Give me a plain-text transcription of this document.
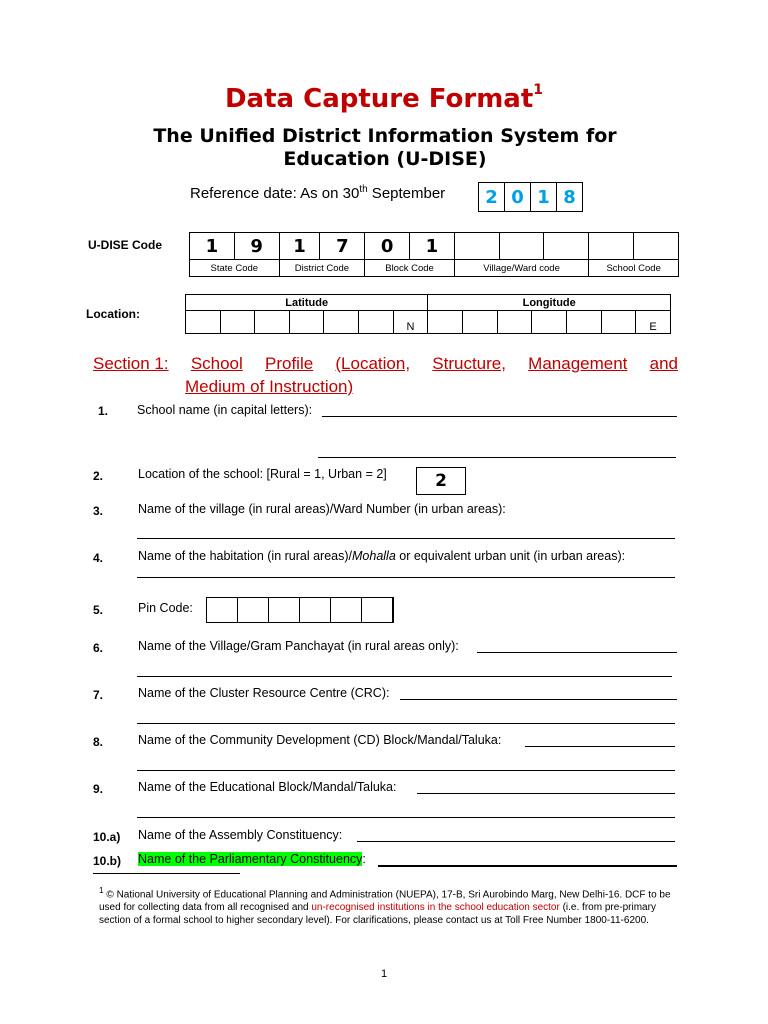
Data Capture Format$^1$
The Unified District Information System for Education (U-DISE)
Reference date: As on 30th September	2 0 1 8
U-DISE Code 1	9	1	7	0	1					
State Code		District Code		Block Code		Village/Ward code			School Code	
Location:
Latitude							Longitude						
						N							E
Section 1: School Profile (Location, Structure, Management and
Medium of Instruction)
1. School name (in capital letters):
2.	Location of the school: [Rural = 1, Urban = 2]	2
3.	Name of the village (in rural areas)/Ward Number (in urban areas):
4.	Name of the habitation (in rural areas)/Mohalla or equivalent urban unit (in urban areas):
5.	Pin Code:
6.	Name of the Village/Gram Panchayat (in rural areas only):
7.	Name of the Cluster Resource Centre (CRC):
8.	Name of the Community Development (CD) Block/Mandal/Taluka:
9.	Name of the Educational Block/Mandal/Taluka:
10.a) Name of the Assembly Constituency:
10.b) Name of the Parliamentary Constituency:
$^1$ © National University of Educational Planning and Administration (NUEPA), 17-B, Sri Aurobindo Marg, New Delhi-16. DCF to be used for collecting data from all recognised and un-recognised institutions in the school education sector (i.e. from pre-primary section of a formal school to higher secondary level). For clarifications, please contact us at Toll Free Number 1800-11-6200.
1
